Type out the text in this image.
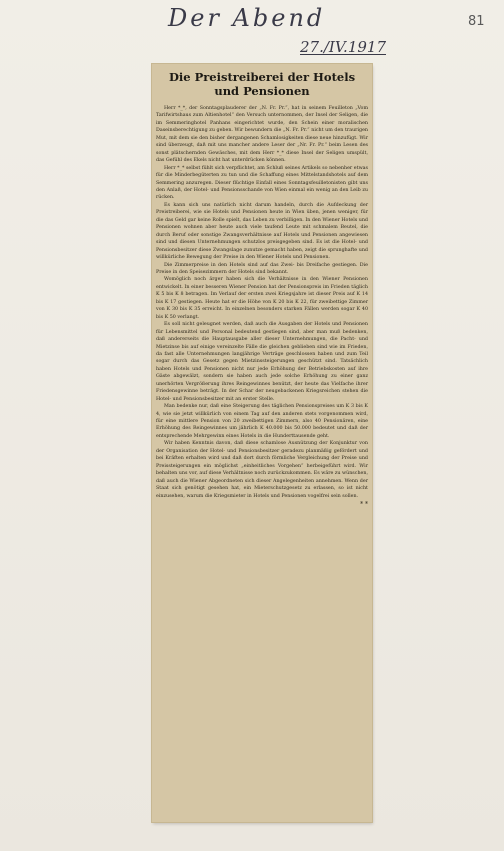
Der Abend
27./IV.1917
81
Die Preistreiberei der Hotels und Pensionen

Herr *_*, der Sonntagsplauderer der „N. Fr. Pr.“, hat in seinem Feuilleton „Vom Tarifwirtshaus zum Altienhotel“ den Versuch unternommen, der Insel der Seligen, die im Semmeringhotel Panhans eingerichtet wurde, den Schein einer moralischen Daseinsberechtigung zu geben. Wir bewundern die „N. Fr. Pr.“ nicht um den traurigen Mut, mit dem sie den bisher dergangenen Schamlosigkeiten diese neue hinzufügt. Wir sind überzeugt, daß mit uns mancher andere Leser der „Nr. Fr. Pr.“ beim Lesen des sonst plätschernden Gewäsches, mit dem Herr *_* diese Insel der Seligen umspült, das Gefühl des Ekels nicht hat unterdrücken können.

Herr *_* selbst fühlt sich verpflichtet, am Schluß seines Artikels so nebenher etwas für die Minderbegüterten zu tun und die Schaffung eines Mittelstandshotels auf dem Semmering anzuregen. Dieser flüchtige Einfall eines Sonntagsfeuilletonisten gibt uns den Anlaß, der Hotel- und Pensionsschande von Wien einmal ein wenig an den Leib zu rücken.

Es kann sich uns natürlich nicht darum handeln, durch die Aufdeckung der Preistreiberei, wie sie Hotels und Pensionen heute in Wien üben, jenen weniger, für die das Geld gar keine Rolle spielt, das Leben zu verbilligen. In den Wiener Hotels und Pensionen wohnen aber heute auch viele taufend Leute mit schmalem Beutel, die durch Beruf oder sonstige Zwangsverhältnisse auf Hotels und Pensionen angewiesen sind und diesen Unternehmungen schutzlos preisgegeben sind. Es ist die Hotel- und Pensionsbesitzer diese Zwangslage zunutze gemacht haben, zeigt die sprunghafte und willkürliche Bewegung der Preise in den Wiener Hotels und Pensionen.

Die Zimmerpreise in den Hotels sind auf das Zwei- bis Dreifache gestiegen. Die Preise in den Speisezimmern der Hotels sind bekannt.

Womöglich noch ärger haben sich die Verhältnisse in den Wiener Pensionen entwickelt. In einer besseren Wiener Pension hat der Pensionspreis im Frieden täglich K 5 bis K 8 betragen. Im Verlauf der ersten zwei Kriegsjahre ist dieser Preis auf K 14 bis K 17 gestiegen. Heute hat er die Höhe von K 20 bis K 22, für zweibettige Zimmer von K 30 bis K 35 erreicht. In einzelnen besonders starken Fällen werden sogar K 40 bis K 50 verlangt.

Es soll nicht geleugnet werden, daß auch die Ausgaben der Hotels und Pensionen für Lebensmittel und Personal bedeutend gestiegen sind, aber man muß bedenken, daß andererseits die Hauptausgabe aller dieser Unternehmungen, die Pacht- und Mietzinse bis auf einige vereinzelte Fälle die gleichen geblieben sind wie im Frieden, da fast alle Unternehmungen langjährige Verträge geschlossen haben und zum Teil sogar durch das Gesetz gegen Mietzinssteigerungen geschützt sind. Tatsächlich haben Hotels und Pensionen nicht nur jede Erhöhung der Betriebskosten auf ihre Gäste abgewälzt, sondern sie haben auch jede solche Erhöhung zu einer ganz unerhörten Vergrößerung ihres Reingewinnes benützt, der heute das Vielfache ihrer Friedensgewinne beträgt. In der Schar der neugebackenen Kriegsreichen stehen die Hotel- und Pensionsbesitzer mit an erster Stelle.

Man bedenke nur, daß eine Steigerung des täglichen Pensionspreises um K 3 bis K 4, wie sie jetzt willkürlich von einem Tag auf den anderen stets vorgenommen wird, für eine mittlere Pension von 20 zweibettigen Zimmern, also 40 Pensionären, eine Erhöhung des Reingewinnes um jährlich K 40.000 bis 50.000 bedeutet und daß der entsprechende Mehrgewinn eines Hotels in die Hunderttausende geht.

Wir haben Kenntnis davon, daß diese schamlose Ausnützung der Konjunktur von der Organisation der Hotel- und Pensionsbesitzer geradezu planmäßig gefördert und bei Kräften erhalten wird und daß dort durch förmliche Vergleichung der Preise und Preissteigerungen ein möglichst „einheitliches Vorgehen“ herbeigeführt wird. Wir behalten uns vor, auf diese Verhältnisse noch zurückzukommen. Es wäre zu wünschen, daß auch die Wiener Abgeordneten sich dieser Angelegenheiten annehmen. Wenn der Staat sich genötigt gesehen hat, ein Mieterschutzgesetz zu erlassen, so ist nicht einzusehen, warum die Kriegsmieter in Hotels und Pensionen vogelfrei sein sollen.

* *
